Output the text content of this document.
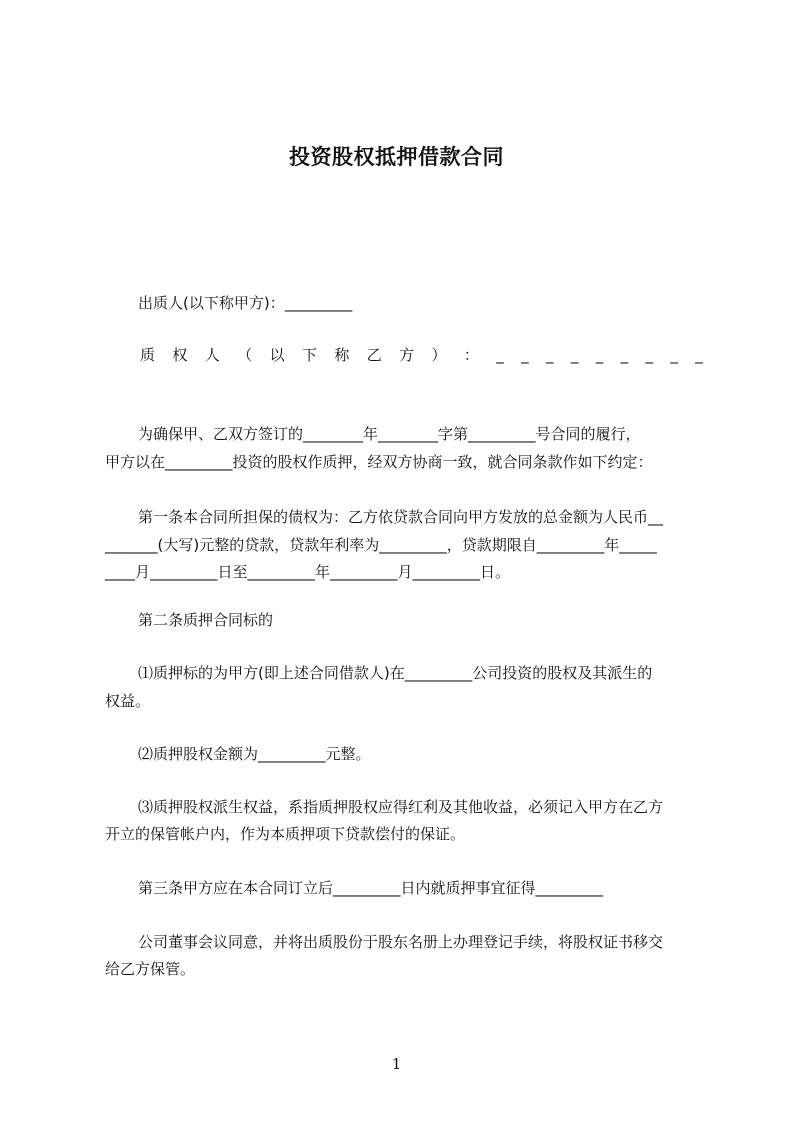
投资股权抵押借款合同

出质人(以下称甲方)：_________

质 权 人 （ 以 下 称 乙 方 ） ： _ _ _ _ _ _ _ _ _

为确保甲、乙双方签订的________年________字第_________号合同的履行，

甲方以在_________投资的股权作质押，经双方协商一致，就合同条款作如下约定：

第一条本合同所担保的债权为：乙方依贷款合同向甲方发放的总金额为人民币__

_______(大写)元整的贷款，贷款年利率为_________，贷款期限自_________年_____

____月_________日至_________年_________月_________日。

第二条质押合同标的

⑴质押标的为甲方(即上述合同借款人)在_________公司投资的股权及其派生的

权益。

⑵质押股权金额为_________元整。

⑶质押股权派生权益，系指质押股权应得红利及其他收益，必须记入甲方在乙方

开立的保管帐户内，作为本质押项下贷款偿付的保证。

第三条甲方应在本合同订立后_________日内就质押事宜征得_________

公司董事会议同意，并将出质股份于股东名册上办理登记手续，将股权证书移交

给乙方保管。

1
